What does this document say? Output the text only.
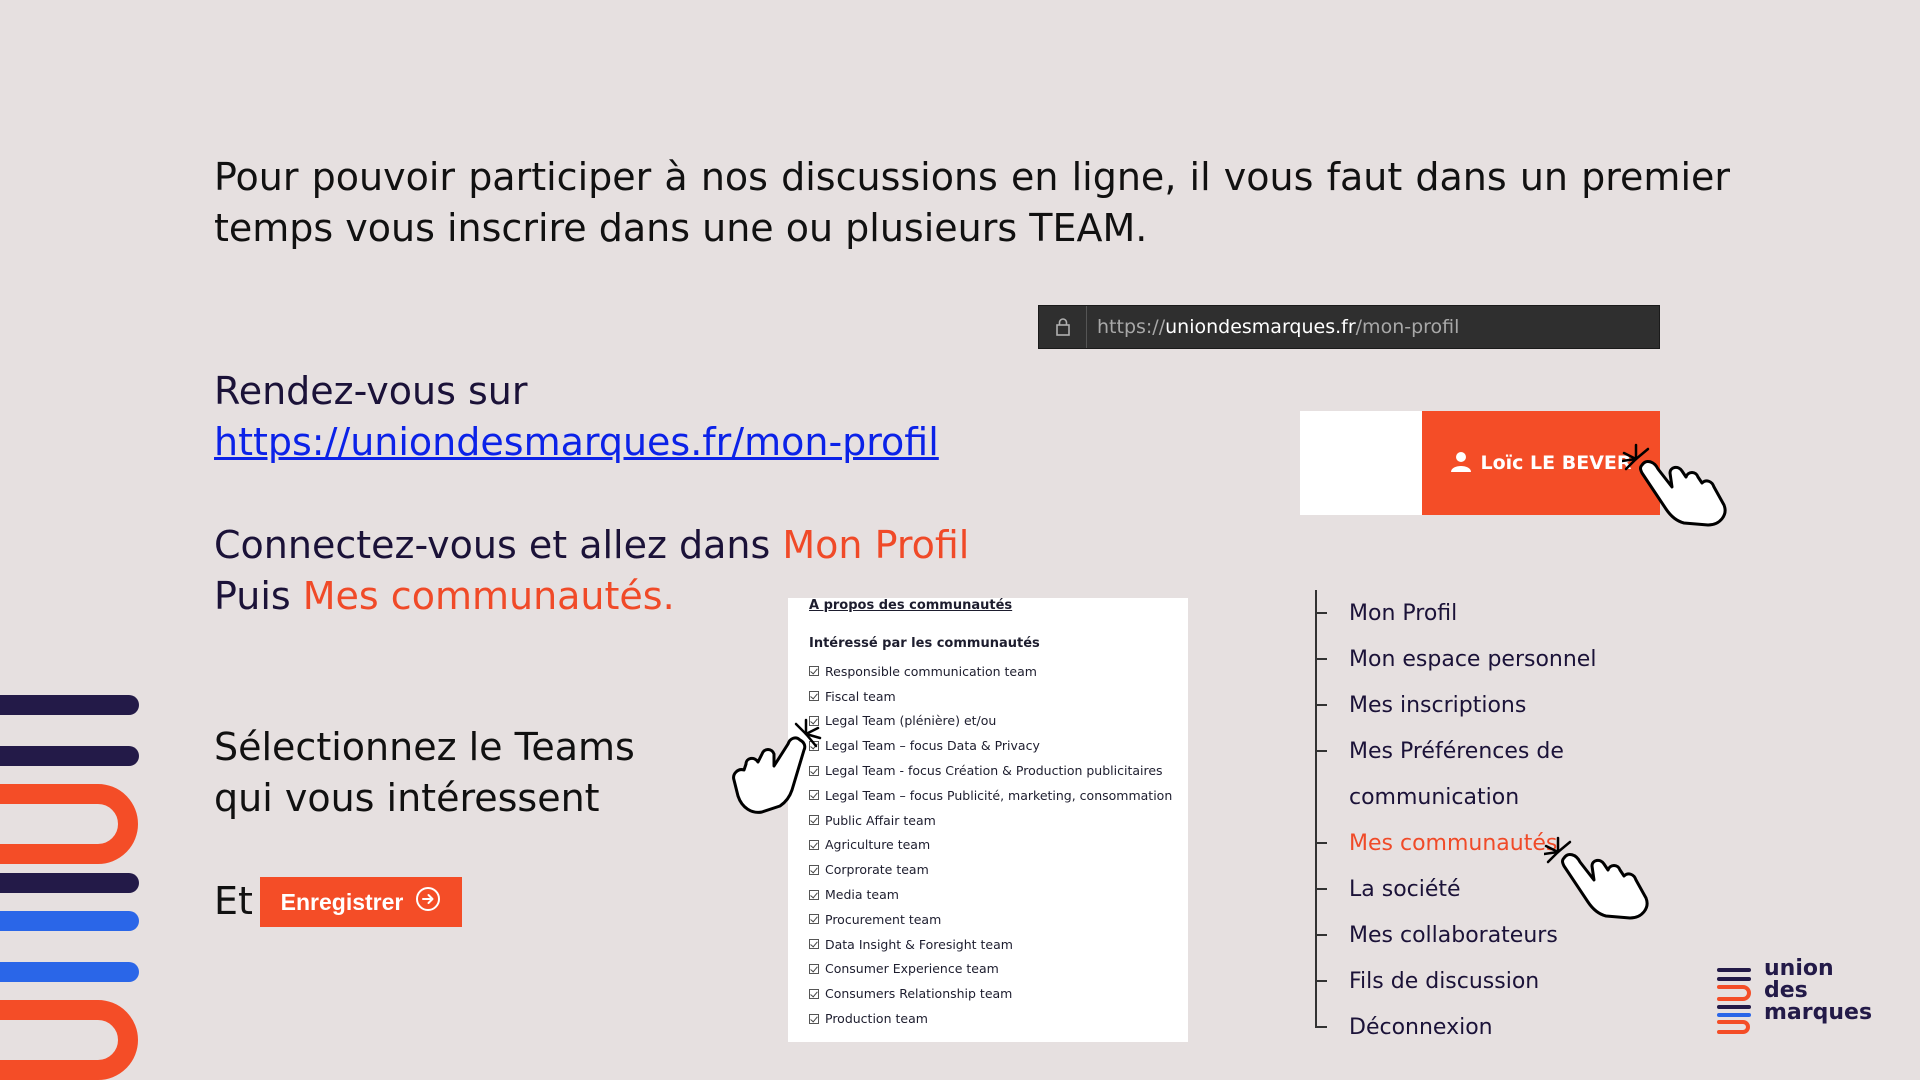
Pour pouvoir participer à nos discussions en ligne, il vous faut dans un premier temps vous inscrire dans une ou plusieurs TEAM.
https://uniondesmarques.fr/mon-profil
Rendez-vous sur
https://uniondesmarques.fr/mon-profil
Connectez-vous et allez dans Mon Profil
Puis Mes communautés.
Sélectionnez le Teams
qui vous intéressent
Et Enregistrer
Loïc LE BEVER
A propos des communautés
Intéressé par les communautés
Responsible communication team
Fiscal team
Legal Team (plénière) et/ou
Legal Team – focus Data & Privacy
Legal Team - focus Création & Production publicitaires
Legal Team – focus Publicité, marketing, consommation
Public Affair team
Agriculture team
Corprorate team
Media team
Procurement team
Data Insight & Foresight team
Consumer Experience team
Consumers Relationship team
Production team
Mon Profil
Mon espace personnel
Mes inscriptions
Mes Préférences de
communication
Mes communautés
La société
Mes collaborateurs
Fils de discussion
Déconnexion
union
des
marques
